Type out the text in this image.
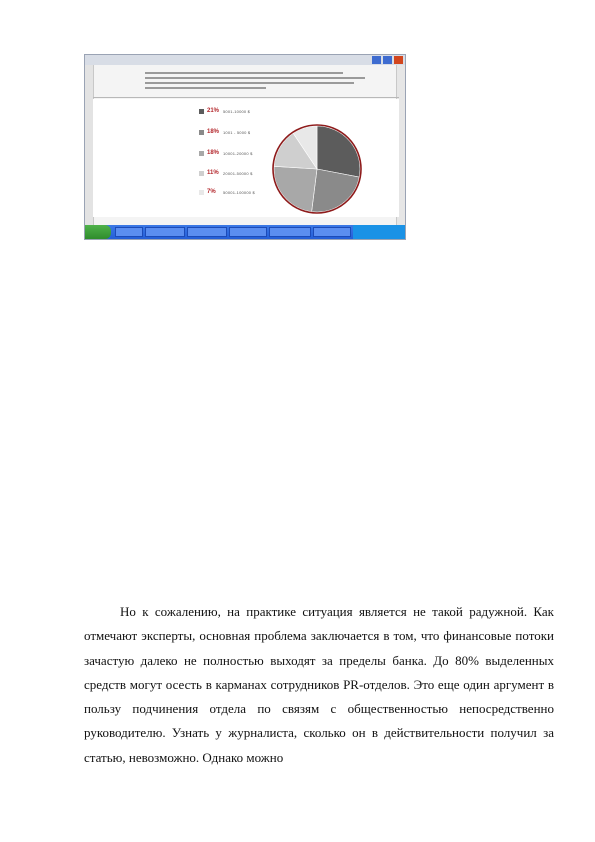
21% 5001-10000 $
18% 1001 - 5000 $
18% 10001-20000 $
11%	20001-50000 $
7%	50001-100000 $

Но к сожалению, на практике ситуация является не такой радужной. Как отмечают эксперты, основная проблема заключается в том, что финансовые потоки зачастую далеко не полностью выходят за пределы банка. До 80% выделенных средств могут осесть в карманах сотрудников PR-отделов. Это еще один аргумент в пользу подчинения отдела по связям с общественностью непосредственно руководителю. Узнать у журналиста, сколько он в действительности получил за статью, невозможно. Однако можно
